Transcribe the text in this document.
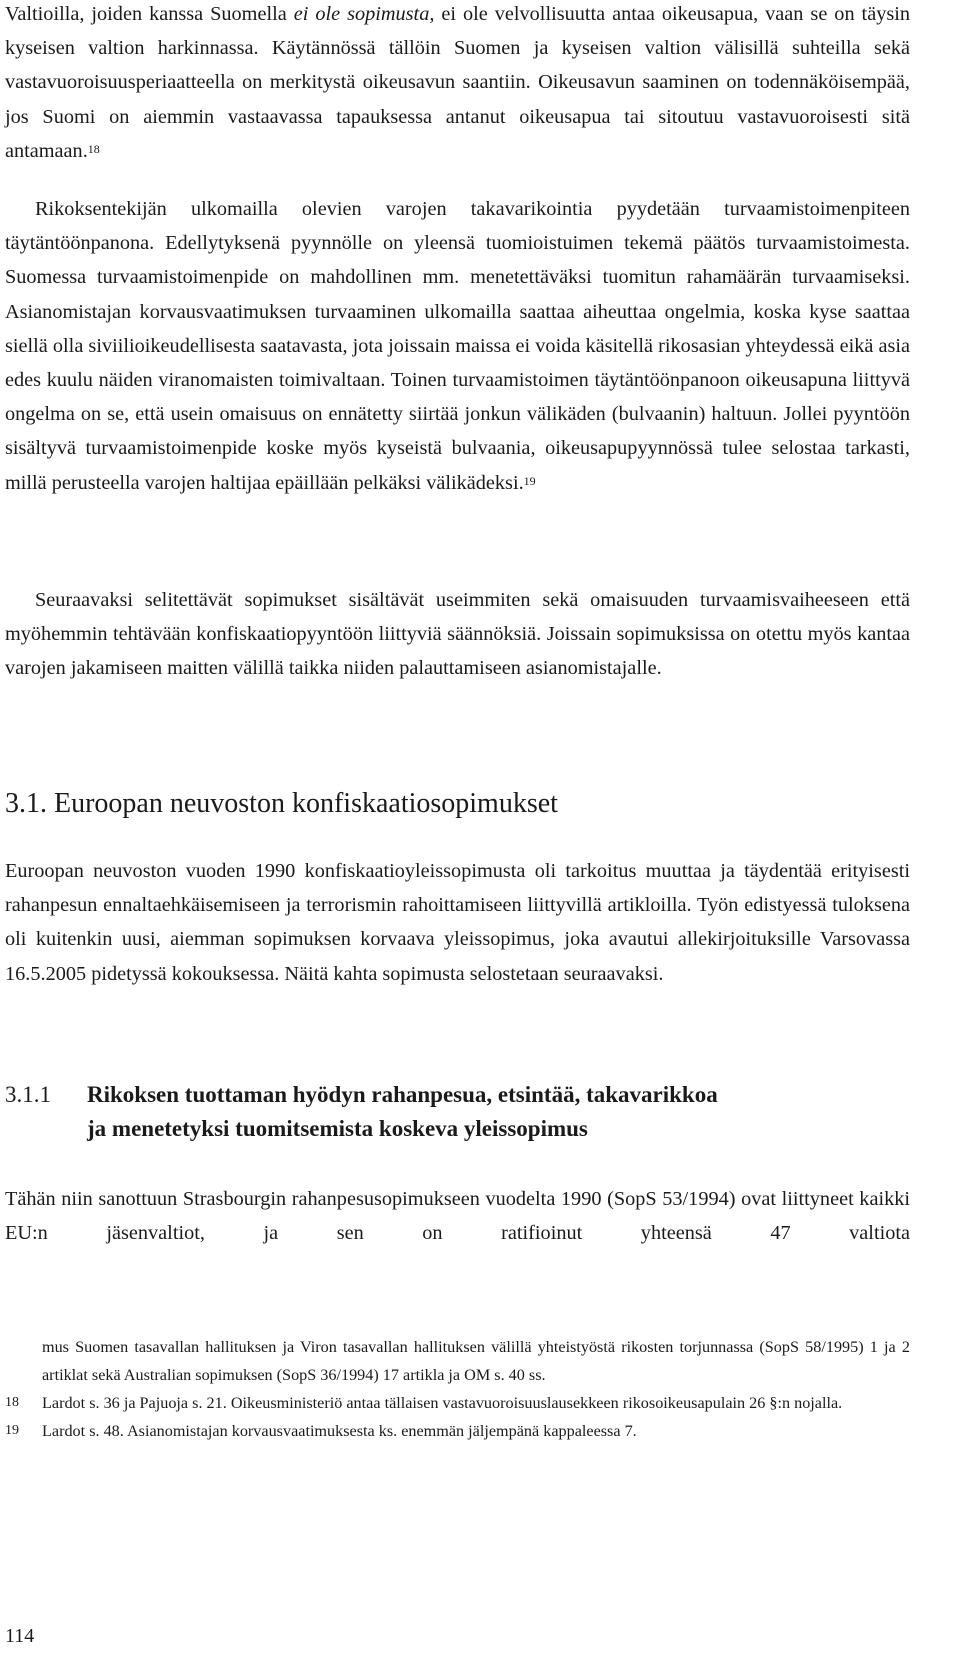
Valtioilla, joiden kanssa Suomella ei ole sopimusta, ei ole velvollisuutta antaa oikeusapua, vaan se on täysin kyseisen valtion harkinnassa. Käytännössä tällöin Suomen ja kyseisen valtion välisillä suhteilla sekä vastavuoroisuusperiaatteella on merkitystä oikeusavun saantiin. Oikeusavun saaminen on todennäköisempää, jos Suomi on aiemmin vastaavassa tapauksessa antanut oikeusapua tai sitoutuu vastavuoroisesti sitä antamaan.$^{18}$

Rikoksentekijän ulkomailla olevien varojen takavarikointia pyydetään turvaamistoimenpiteen täytäntöönpanona. Edellytyksenä pyynnölle on yleensä tuomioistuimen tekemä päätös turvaamistoimesta. Suomessa turvaamistoimenpide on mahdollinen mm. menetettäväksi tuomitun rahamäärän turvaamiseksi. Asianomistajan korvausvaatimuksen turvaaminen ulkomailla saattaa aiheuttaa ongelmia, koska kyse saattaa siellä olla siviilioikeudellisesta saatavasta, jota joissain maissa ei voida käsitellä rikosasian yhteydessä eikä asia edes kuulu näiden viranomaisten toimivaltaan. Toinen turvaamistoimen täytäntöönpanoon oikeusapuna liittyvä ongelma on se, että usein omaisuus on ennätetty siirtää jonkun välikäden (bulvaanin) haltuun. Jollei pyyntöön sisältyvä turvaamistoimenpide koske myös kyseistä bulvaania, oikeusapupyynnössä tulee selostaa tarkasti, millä perusteella varojen haltijaa epäillään pelkäksi välikädeksi.$^{19}$

Seuraavaksi selitettävät sopimukset sisältävät useimmiten sekä omaisuuden turvaamisvaiheeseen että myöhemmin tehtävään konfiskaatiopyyntöön liittyviä säännöksiä. Joissain sopimuksissa on otettu myös kantaa varojen jakamiseen maitten välillä taikka niiden palauttamiseen asianomistajalle.

3.1. Euroopan neuvoston konfiskaatiosopimukset

Euroopan neuvoston vuoden 1990 konfiskaatioyleissopimusta oli tarkoitus muuttaa ja täydentää erityisesti rahanpesun ennaltaehkäisemiseen ja terrorismin rahoittamiseen liittyvillä artikloilla. Työn edistyessä tuloksena oli kuitenkin uusi, aiemman sopimuksen korvaava yleissopimus, joka avautui allekirjoituksille Varsovassa 16.5.2005 pidetyssä kokouksessa. Näitä kahta sopimusta selostetaan seuraavaksi.

3.1.1 Rikoksen tuottaman hyödyn rahanpesua, etsintää, takavarikkoa
ja menetetyksi tuomitsemista koskeva yleissopimus

Tähän niin sanottuun Strasbourgin rahanpesusopimukseen vuodelta 1990 (SopS 53/1994) ovat liittyneet kaikki EU:n jäsenvaltiot, ja sen on ratifioinut yhteensä 47 valtiota

mus Suomen tasavallan hallituksen ja Viron tasavallan hallituksen välillä yhteistyöstä rikosten torjunnassa (SopS 58/1995) 1 ja 2 artiklat sekä Australian sopimuksen (SopS 36/1994) 17 artikla ja OM s. 40 ss.
18	Lardot s. 36 ja Pajuoja s. 21. Oikeusministeriö antaa tällaisen vastavuoroisuuslausekkeen rikosoikeusapulain 26 §:n nojalla.
19	Lardot s. 48. Asianomistajan korvausvaatimuksesta ks. enemmän jäljempänä kappaleessa 7.

114
